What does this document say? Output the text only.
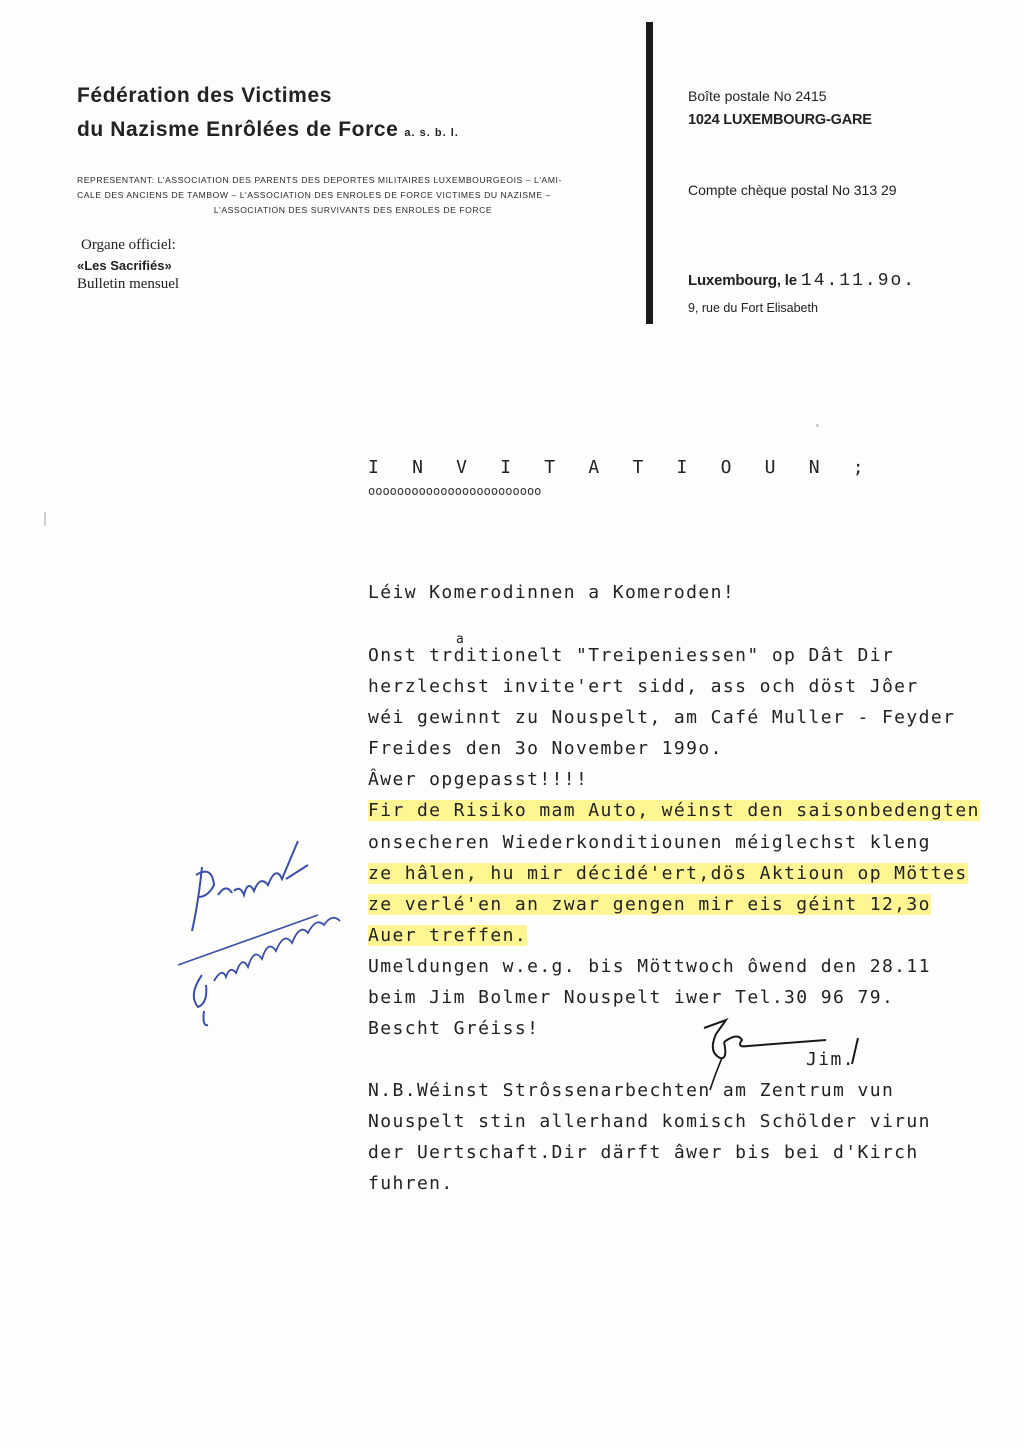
Fédération des Victimes
du Nazisme Enrôlées de Force a. s. b. l.
REPRESENTANT: L'ASSOCIATION DES PARENTS DES DEPORTES MILITAIRES LUXEMBOURGEOIS – L'AMI-
CALE DES ANCIENS DE TAMBOW – L'ASSOCIATION DES ENROLES DE FORCE VICTIMES DU NAZISME –
L'ASSOCIATION DES SURVIVANTS DES ENROLES DE FORCE
Organe officiel:
«Les Sacrifiés»
Bulletin mensuel
Boîte postale No 2415
1024 LUXEMBOURG-GARE
Compte chèque postal No 313 29
Luxembourg, le 14.11.9o.
9, rue du Fort Elisabeth
I N V I T A T I O U N ;
oooooooooooooooooooooooo
Léiw Komerodinnen a Komeroden!
a
Onst trditionelt "Treipeniessen" op Dât Dir
herzlechst invite'ert sidd, ass och döst Jôer
wéi gewinnt zu Nouspelt, am Café Muller - Feyder
Freides den 3o November 199o.
Âwer opgepasst!!!!
Fir de Risiko mam Auto, wéinst den saisonbedengten
onsecheren Wiederkonditiounen méiglechst kleng
ze hâlen, hu mir décidé'ert,dös Aktioun op Möttes
ze verlé'en an zwar gengen mir eis géint 12,3o
Auer treffen.
Umeldungen w.e.g. bis Möttwoch ôwend den 28.11
beim Jim Bolmer Nouspelt iwer Tel.30 96 79.
Bescht Gréiss!
N.B.Wéinst Strôssenarbechten am Zentrum vun
Nouspelt stin allerhand komisch Schölder virun
der Uertschaft.Dir därft âwer bis bei d'Kirch
fuhren.
Jim.
